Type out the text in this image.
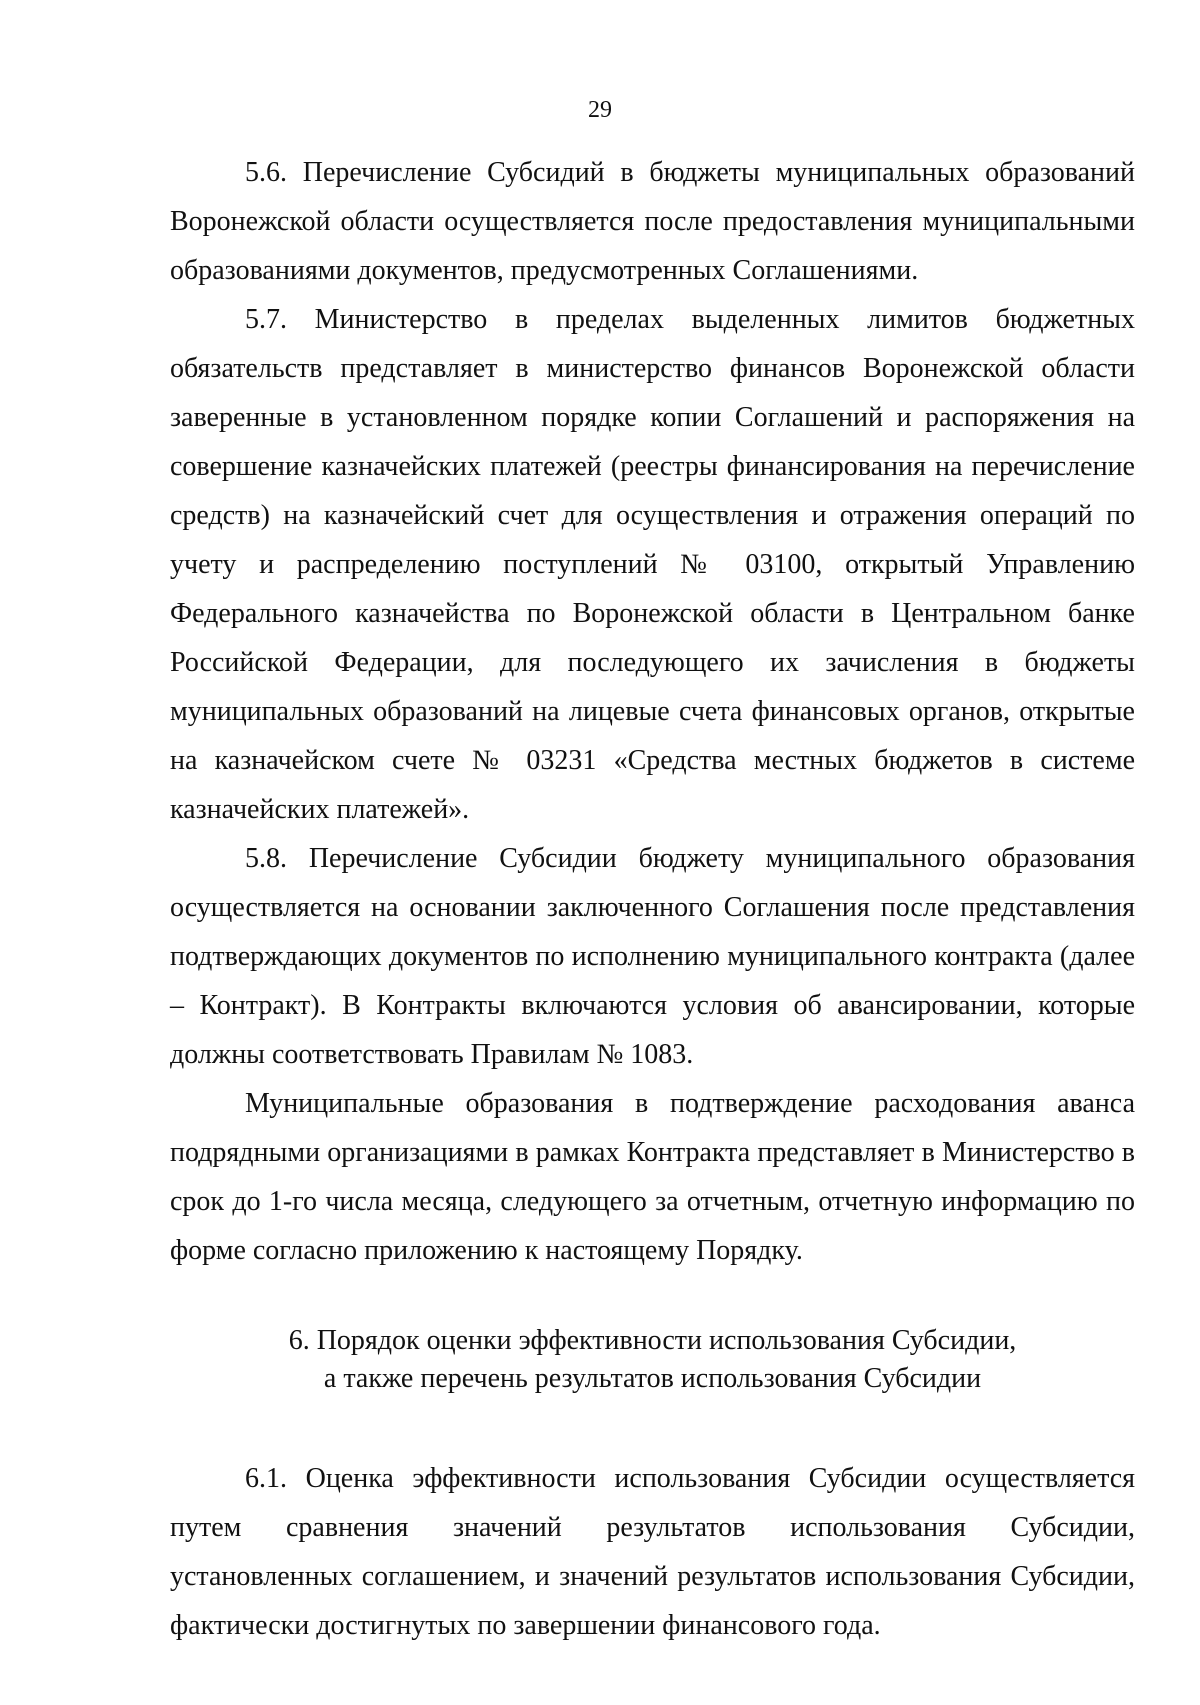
29

5.6. Перечисление Субсидий в бюджеты муниципальных образований Воронежской области осуществляется после предоставления муниципальными образованиями документов, предусмотренных Соглашениями.

5.7. Министерство в пределах выделенных лимитов бюджетных обязательств представляет в министерство финансов Воронежской области заверенные в установленном порядке копии Соглашений и распоряжения на совершение казначейских платежей (реестры финансирования на перечисление средств) на казначейский счет для осуществления и отражения операций по учету и распределению поступлений № 03100, открытый Управлению Федерального казначейства по Воронежской области в Центральном банке Российской Федерации, для последующего их зачисления в бюджеты муниципальных образований на лицевые счета финансовых органов, открытые на казначейском счете № 03231 «Средства местных бюджетов в системе казначейских платежей».

5.8. Перечисление Субсидии бюджету муниципального образования осуществляется на основании заключенного Соглашения после представления подтверждающих документов по исполнению муниципального контракта (далее – Контракт). В Контракты включаются условия об авансировании, которые должны соответствовать Правилам № 1083.

Муниципальные образования в подтверждение расходования аванса подрядными организациями в рамках Контракта представляет в Министерство в срок до 1-го числа месяца, следующего за отчетным, отчетную информацию по форме согласно приложению к настоящему Порядку.

6. Порядок оценки эффективности использования Субсидии,
а также перечень результатов использования Субсидии

6.1. Оценка эффективности использования Субсидии осуществляется путем сравнения значений результатов использования Субсидии, установленных соглашением, и значений результатов использования Субсидии, фактически достигнутых по завершении финансового года.
